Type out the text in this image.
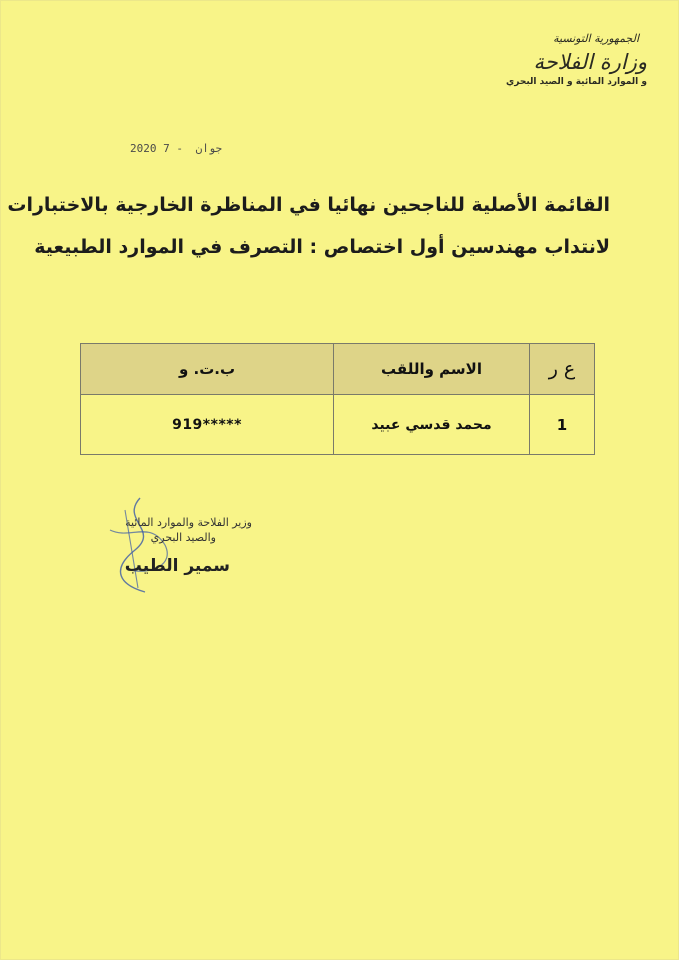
الجمهورية التونسية
وزارة الفلاحة
و الموارد المائية و الصيد البحري
2020	جوان - 7
القائمة الأصلية للناجحين نهائيا في المناظرة الخارجية بالاختبارات
لانتداب مهندسين أول اختصاص : التصرف في الموارد الطبيعية
ع ر	الاسم واللقب	ب.ت. و
1	محمد قدسي عبيد	919*****
وزير الفلاحة والموارد المائية
والصيد البحري
سمير الطيب
